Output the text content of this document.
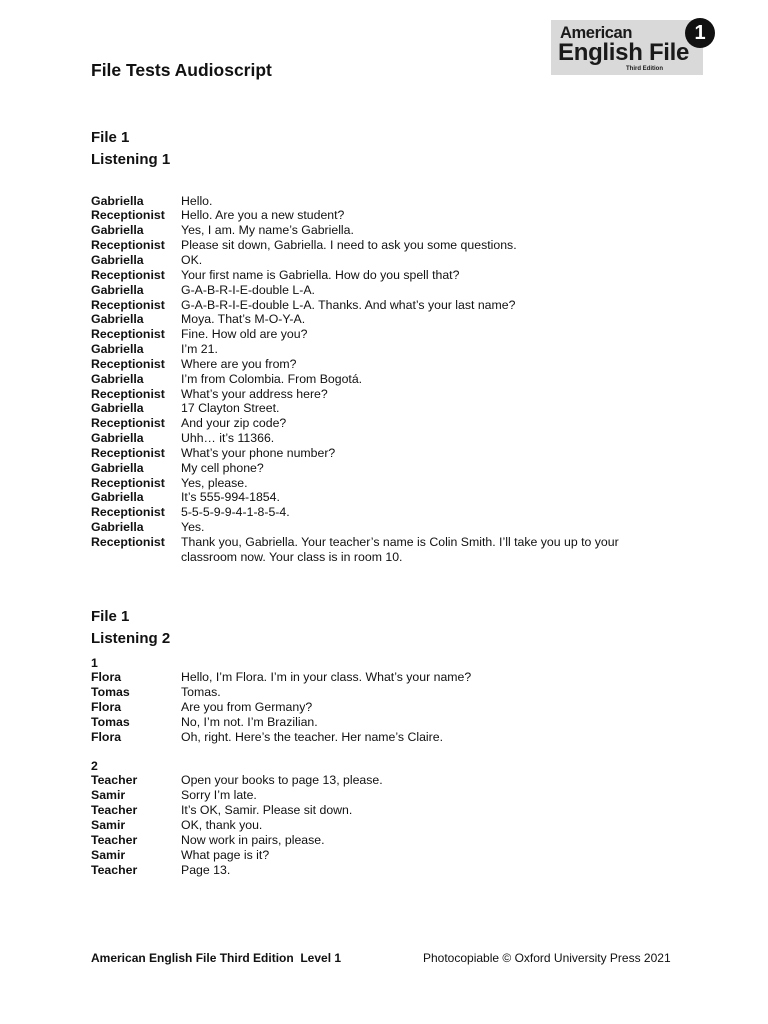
File Tests Audioscript
American
English File
Third Edition
1
File 1
Listening 1
Gabriella	Hello.
Receptionist	Hello. Are you a new student?
Gabriella	Yes, I am. My name’s Gabriella.
Receptionist	Please sit down, Gabriella. I need to ask you some questions.
Gabriella	OK.
Receptionist	Your first name is Gabriella. How do you spell that?
Gabriella	G-A-B-R-I-E-double L-A.
Receptionist	G-A-B-R-I-E-double L-A. Thanks. And what’s your last name?
Gabriella	Moya. That’s M-O-Y-A.
Receptionist	Fine. How old are you?
Gabriella	I’m 21.
Receptionist	Where are you from?
Gabriella	I’m from Colombia. From Bogotá.
Receptionist	What’s your address here?
Gabriella	17 Clayton Street.
Receptionist	And your zip code?
Gabriella	Uhh… it’s 11366.
Receptionist	What’s your phone number?
Gabriella	My cell phone?
Receptionist	Yes, please.
Gabriella	It’s 555-994-1854.
Receptionist	5-5-5-9-9-4-1-8-5-4.
Gabriella	Yes.
Receptionist	Thank you, Gabriella. Your teacher’s name is Colin Smith. I’ll take you up to your classroom now. Your class is in room 10.
File 1
Listening 2
1
Flora	Hello, I’m Flora. I’m in your class. What’s your name?
Tomas	Tomas.
Flora	Are you from Germany?
Tomas	No, I’m not. I’m Brazilian.
Flora	Oh, right. Here’s the teacher. Her name’s Claire.
2
Teacher	Open your books to page 13, please.
Samir	Sorry I’m late.
Teacher	It’s OK, Samir. Please sit down.
Samir	OK, thank you.
Teacher	Now work in pairs, please.
Samir	What page is it?
Teacher	Page 13.
American English File Third Edition  Level 1	Photocopiable © Oxford University Press 2021
